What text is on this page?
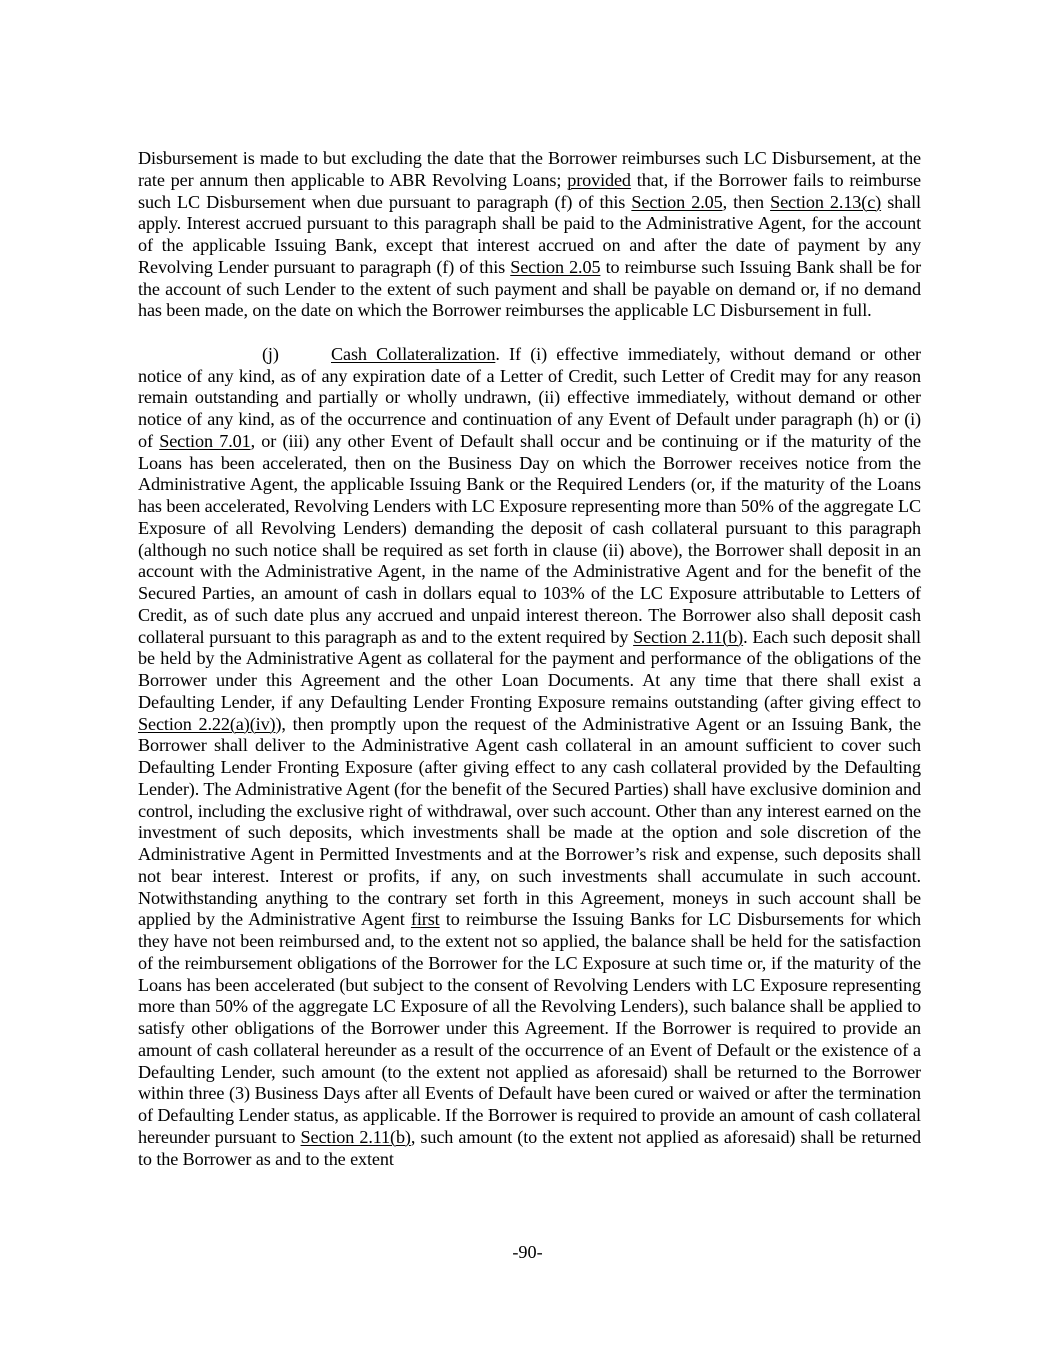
Disbursement is made to but excluding the date that the Borrower reimburses such LC Disbursement, at the rate per annum then applicable to ABR Revolving Loans; provided that, if the Borrower fails to reimburse such LC Disbursement when due pursuant to paragraph (f) of this Section 2.05, then Section 2.13(c) shall apply. Interest accrued pursuant to this paragraph shall be paid to the Administrative Agent, for the account of the applicable Issuing Bank, except that interest accrued on and after the date of payment by any Revolving Lender pursuant to paragraph (f) of this Section 2.05 to reimburse such Issuing Bank shall be for the account of such Lender to the extent of such payment and shall be payable on demand or, if no demand has been made, on the date on which the Borrower reimburses the applicable LC Disbursement in full.

(j)	Cash Collateralization. If (i) effective immediately, without demand or other notice of any kind, as of any expiration date of a Letter of Credit, such Letter of Credit may for any reason remain outstanding and partially or wholly undrawn, (ii) effective immediately, without demand or other notice of any kind, as of the occurrence and continuation of any Event of Default under paragraph (h) or (i) of Section 7.01, or (iii) any other Event of Default shall occur and be continuing or if the maturity of the Loans has been accelerated, then on the Business Day on which the Borrower receives notice from the Administrative Agent, the applicable Issuing Bank or the Required Lenders (or, if the maturity of the Loans has been accelerated, Revolving Lenders with LC Exposure representing more than 50% of the aggregate LC Exposure of all Revolving Lenders) demanding the deposit of cash collateral pursuant to this paragraph (although no such notice shall be required as set forth in clause (ii) above), the Borrower shall deposit in an account with the Administrative Agent, in the name of the Administrative Agent and for the benefit of the Secured Parties, an amount of cash in dollars equal to 103% of the LC Exposure attributable to Letters of Credit, as of such date plus any accrued and unpaid interest thereon. The Borrower also shall deposit cash collateral pursuant to this paragraph as and to the extent required by Section 2.11(b). Each such deposit shall be held by the Administrative Agent as collateral for the payment and performance of the obligations of the Borrower under this Agreement and the other Loan Documents. At any time that there shall exist a Defaulting Lender, if any Defaulting Lender Fronting Exposure remains outstanding (after giving effect to Section 2.22(a)(iv)), then promptly upon the request of the Administrative Agent or an Issuing Bank, the Borrower shall deliver to the Administrative Agent cash collateral in an amount sufficient to cover such Defaulting Lender Fronting Exposure (after giving effect to any cash collateral provided by the Defaulting Lender). The Administrative Agent (for the benefit of the Secured Parties) shall have exclusive dominion and control, including the exclusive right of withdrawal, over such account. Other than any interest earned on the investment of such deposits, which investments shall be made at the option and sole discretion of the Administrative Agent in Permitted Investments and at the Borrower’s risk and expense, such deposits shall not bear interest. Interest or profits, if any, on such investments shall accumulate in such account. Notwithstanding anything to the contrary set forth in this Agreement, moneys in such account shall be applied by the Administrative Agent first to reimburse the Issuing Banks for LC Disbursements for which they have not been reimbursed and, to the extent not so applied, the balance shall be held for the satisfaction of the reimbursement obligations of the Borrower for the LC Exposure at such time or, if the maturity of the Loans has been accelerated (but subject to the consent of Revolving Lenders with LC Exposure representing more than 50% of the aggregate LC Exposure of all the Revolving Lenders), such balance shall be applied to satisfy other obligations of the Borrower under this Agreement. If the Borrower is required to provide an amount of cash collateral hereunder as a result of the occurrence of an Event of Default or the existence of a Defaulting Lender, such amount (to the extent not applied as aforesaid) shall be returned to the Borrower within three (3) Business Days after all Events of Default have been cured or waived or after the termination of Defaulting Lender status, as applicable. If the Borrower is required to provide an amount of cash collateral hereunder pursuant to Section 2.11(b), such amount (to the extent not applied as aforesaid) shall be returned to the Borrower as and to the extent

-90-
